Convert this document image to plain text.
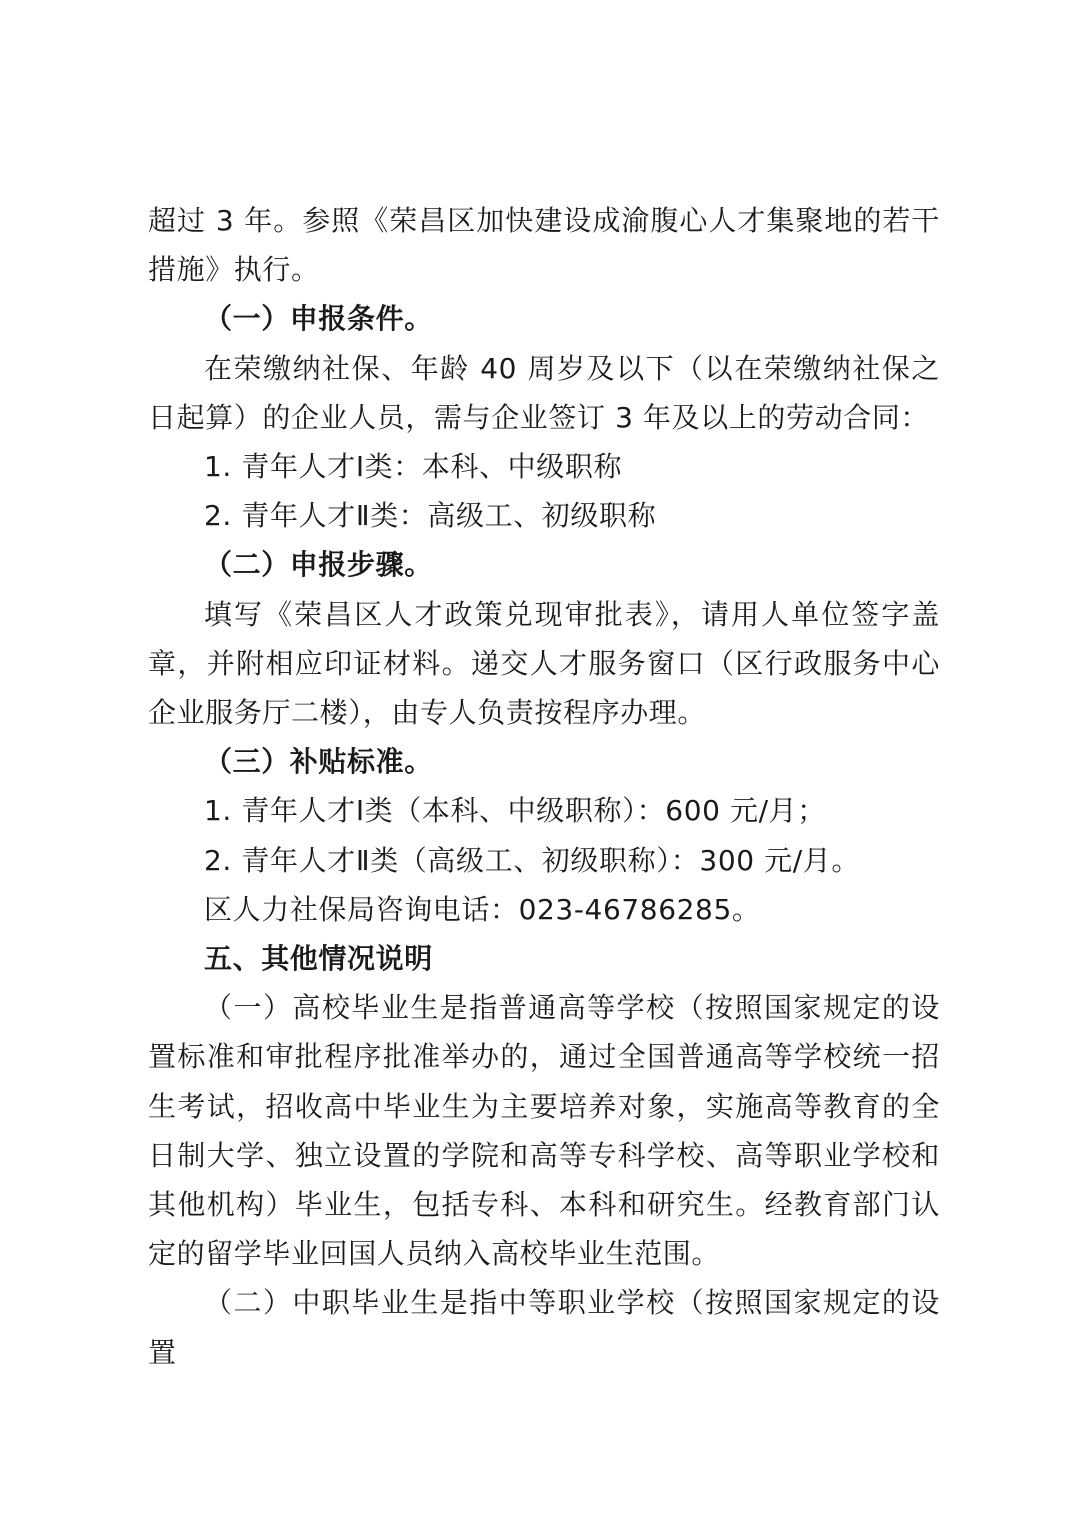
超过 3 年。参照《荣昌区加快建设成渝腹心人才集聚地的若干措施》执行。

（一）申报条件。

在荣缴纳社保、年龄 40 周岁及以下（以在荣缴纳社保之日起算）的企业人员，需与企业签订 3 年及以上的劳动合同：

1. 青年人才Ⅰ类：本科、中级职称

2. 青年人才Ⅱ类：高级工、初级职称

（二）申报步骤。

填写《荣昌区人才政策兑现审批表》，请用人单位签字盖章，并附相应印证材料。递交人才服务窗口（区行政服务中心企业服务厅二楼），由专人负责按程序办理。

（三）补贴标准。

1. 青年人才Ⅰ类（本科、中级职称）：600 元/月；

2. 青年人才Ⅱ类（高级工、初级职称）：300 元/月。

区人力社保局咨询电话：023-46786285。

五、其他情况说明

（一）高校毕业生是指普通高等学校（按照国家规定的设置标准和审批程序批准举办的，通过全国普通高等学校统一招生考试，招收高中毕业生为主要培养对象，实施高等教育的全日制大学、独立设置的学院和高等专科学校、高等职业学校和其他机构）毕业生，包括专科、本科和研究生。经教育部门认定的留学毕业回国人员纳入高校毕业生范围。

（二）中职毕业生是指中等职业学校（按照国家规定的设置
